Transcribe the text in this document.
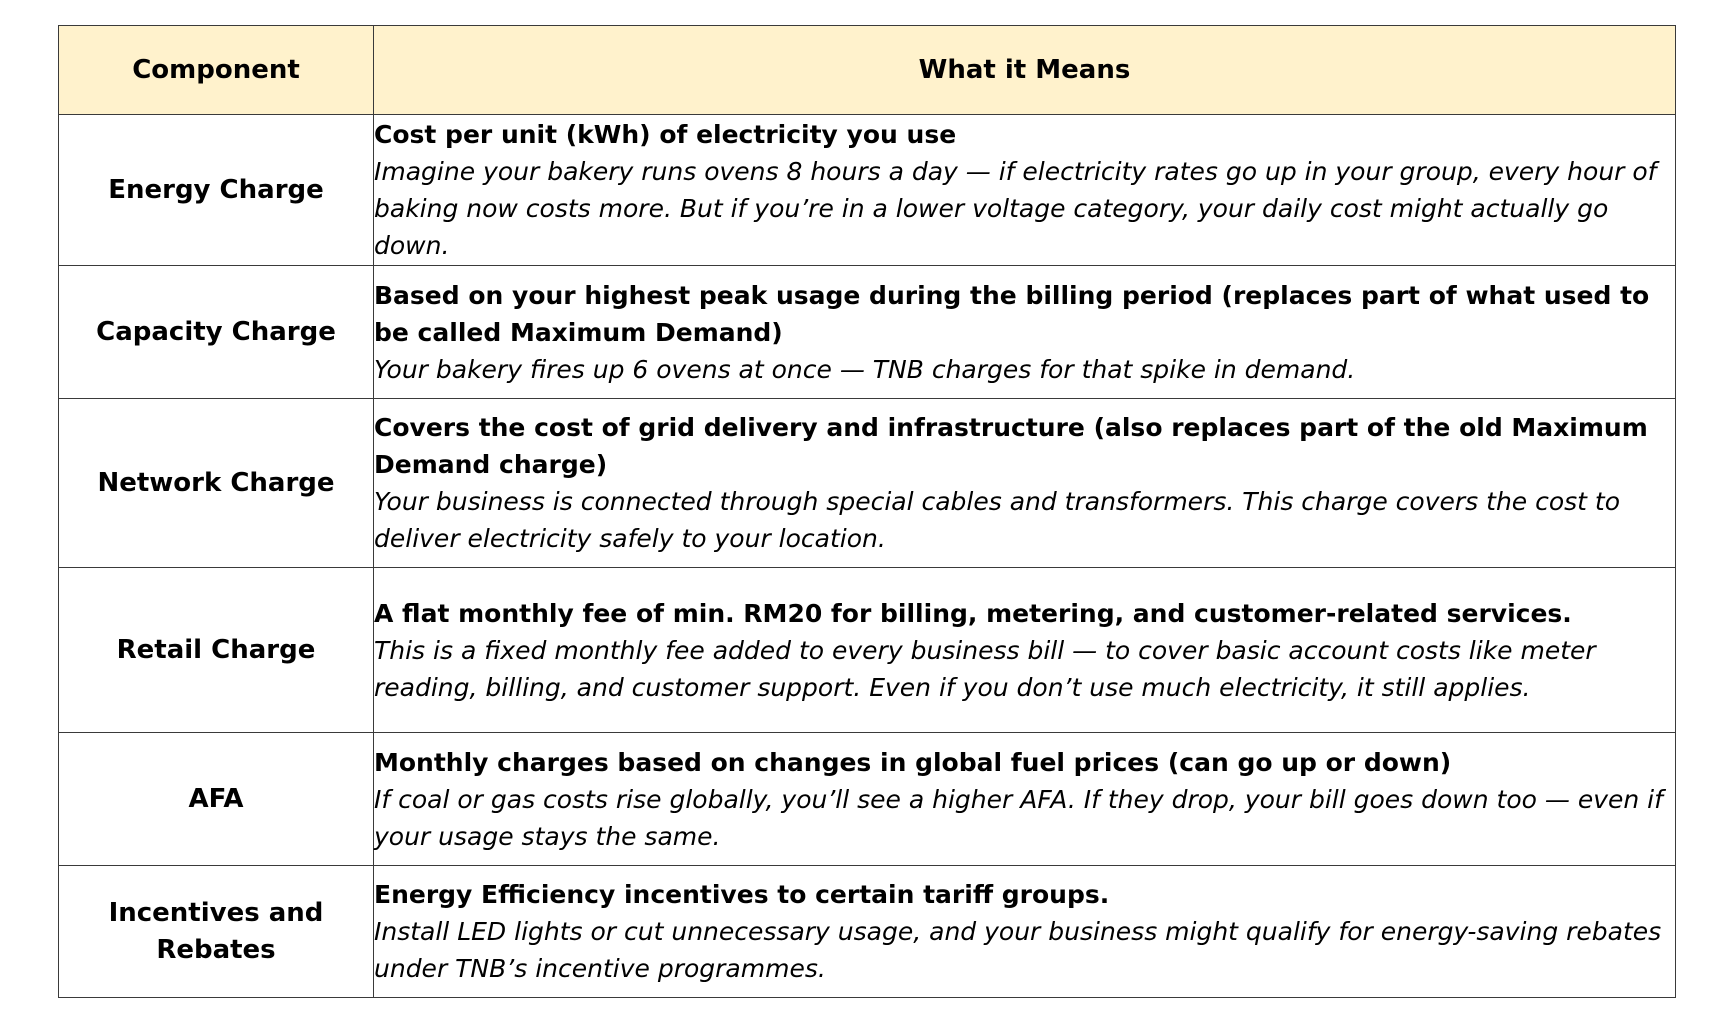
Component	What it Means
Energy Charge	Cost per unit (kWh) of electricity you use
Imagine your bakery runs ovens 8 hours a day — if electricity rates go up in your group, every hour of baking now costs more. But if you’re in a lower voltage category, your daily cost might actually go down.

Capacity Charge	Based on your highest peak usage during the billing period (replaces part of what used to be called Maximum Demand)
Your bakery fires up 6 ovens at once — TNB charges for that spike in demand.

Network Charge	Covers the cost of grid delivery and infrastructure (also replaces part of the old Maximum Demand charge)
Your business is connected through special cables and transformers. This charge covers the cost to deliver electricity safely to your location.

Retail Charge	A flat monthly fee of min. RM20 for billing, metering, and customer-related services.
This is a fixed monthly fee added to every business bill — to cover basic account costs like meter reading, billing, and customer support. Even if you don’t use much electricity, it still applies.

AFA	Monthly charges based on changes in global fuel prices (can go up or down)
If coal or gas costs rise globally, you’ll see a higher AFA. If they drop, your bill goes down too — even if your usage stays the same.

Incentives and Rebates	Energy Efficiency incentives to certain tariff groups.
Install LED lights or cut unnecessary usage, and your business might qualify for energy-saving rebates under TNB’s incentive programmes.
